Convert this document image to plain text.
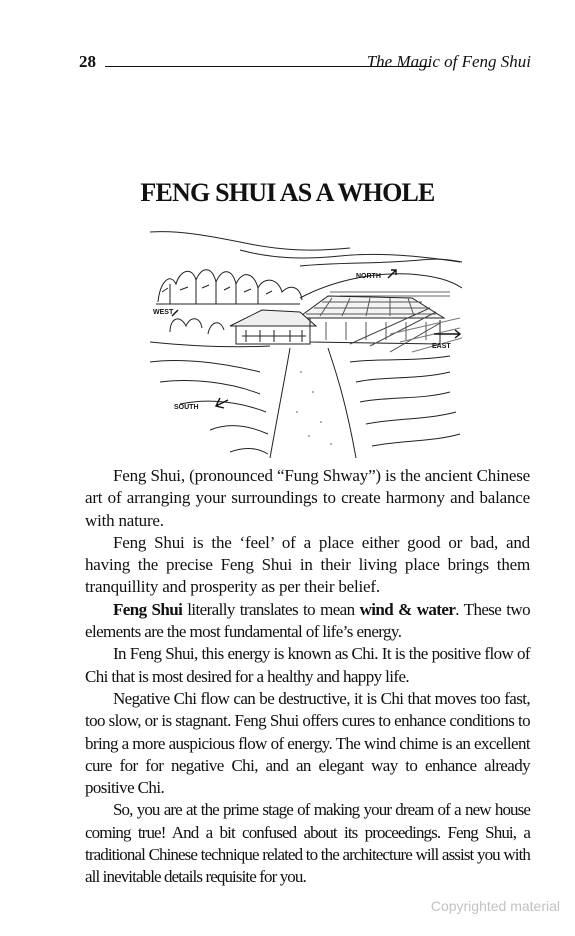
28	The Magic of Feng Shui
FENG SHUI AS A WHOLE
NORTH
WEST
EAST
SOUTH

Feng Shui, (pronounced “Fung Shway”) is the ancient Chinese art of arranging your surroundings to create harmony and balance with nature.

Feng Shui is the ‘feel’ of a place either good or bad, and having the precise Feng Shui in their living place brings them tranquillity and prosperity as per their belief.

Feng Shui literally translates to mean wind & water. These two elements are the most fundamental of life’s energy.

In Feng Shui, this energy is known as Chi. It is the positive flow of Chi that is most desired for a healthy and happy life.

Negative Chi flow can be destructive, it is Chi that moves too fast, too slow, or is stagnant. Feng Shui offers cures to enhance conditions to bring a more auspicious flow of energy. The wind chime is an excellent cure for for negative Chi, and an elegant way to enhance already positive Chi.

So, you are at the prime stage of making your dream of a new house coming true! And a bit confused about its proceedings. Feng Shui, a traditional Chinese technique related to the architecture will assist you with all inevitable details requisite for you.

Copyrighted material
